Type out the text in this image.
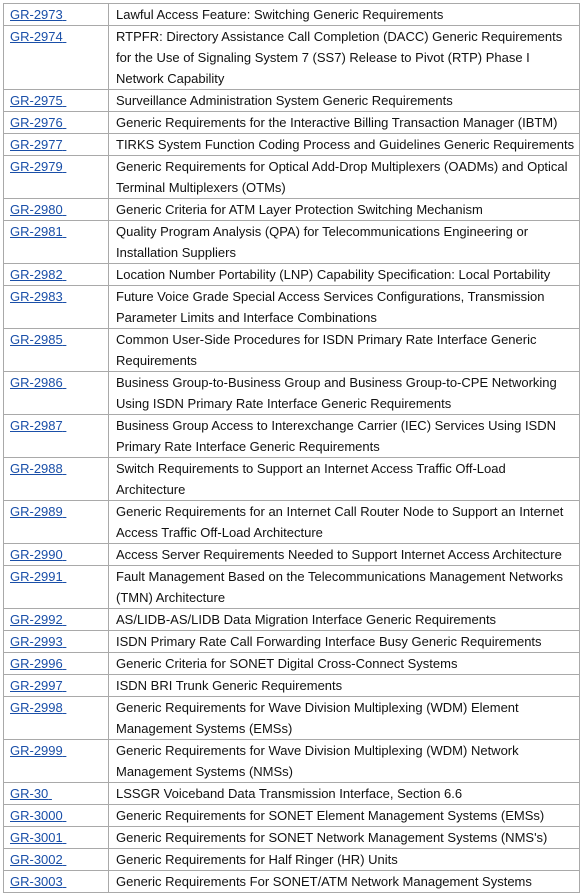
GR-2973	Lawful Access Feature: Switching Generic Requirements
GR-2974	RTPFR: Directory Assistance Call Completion (DACC) Generic Requirements for the Use of Signaling System 7 (SS7) Release to Pivot (RTP) Phase I Network Capability
GR-2975	Surveillance Administration System Generic Requirements
GR-2976	Generic Requirements for the Interactive Billing Transaction Manager (IBTM)
GR-2977	TIRKS System Function Coding Process and Guidelines Generic Requirements
GR-2979	Generic Requirements for Optical Add-Drop Multiplexers (OADMs) and Optical Terminal Multiplexers (OTMs)
GR-2980	Generic Criteria for ATM Layer Protection Switching Mechanism
GR-2981	Quality Program Analysis (QPA) for Telecommunications Engineering or Installation Suppliers
GR-2982	Location Number Portability (LNP) Capability Specification: Local Portability
GR-2983	Future Voice Grade Special Access Services Configurations, Transmission Parameter Limits and Interface Combinations
GR-2985	Common User-Side Procedures for ISDN Primary Rate Interface Generic Requirements
GR-2986	Business Group-to-Business Group and Business Group-to-CPE Networking Using ISDN Primary Rate Interface Generic Requirements
GR-2987	Business Group Access to Interexchange Carrier (IEC) Services Using ISDN Primary Rate Interface Generic Requirements
GR-2988	Switch Requirements to Support an Internet Access Traffic Off-Load Architecture
GR-2989	Generic Requirements for an Internet Call Router Node to Support an Internet Access Traffic Off-Load Architecture
GR-2990	Access Server Requirements Needed to Support Internet Access Architecture
GR-2991	Fault Management Based on the Telecommunications Management Networks (TMN) Architecture
GR-2992	AS/LIDB-AS/LIDB Data Migration Interface Generic Requirements
GR-2993	ISDN Primary Rate Call Forwarding Interface Busy Generic Requirements
GR-2996	Generic Criteria for SONET Digital Cross-Connect Systems
GR-2997	ISDN BRI Trunk Generic Requirements
GR-2998	Generic Requirements for Wave Division Multiplexing (WDM) Element Management Systems (EMSs)
GR-2999	Generic Requirements for Wave Division Multiplexing (WDM) Network Management Systems (NMSs)
GR-30	LSSGR Voiceband Data Transmission Interface, Section 6.6
GR-3000	Generic Requirements for SONET Element Management Systems (EMSs)
GR-3001	Generic Requirements for SONET Network Management Systems (NMS's)
GR-3002	Generic Requirements for Half Ringer (HR) Units
GR-3003	Generic Requirements For SONET/ATM Network Management Systems
